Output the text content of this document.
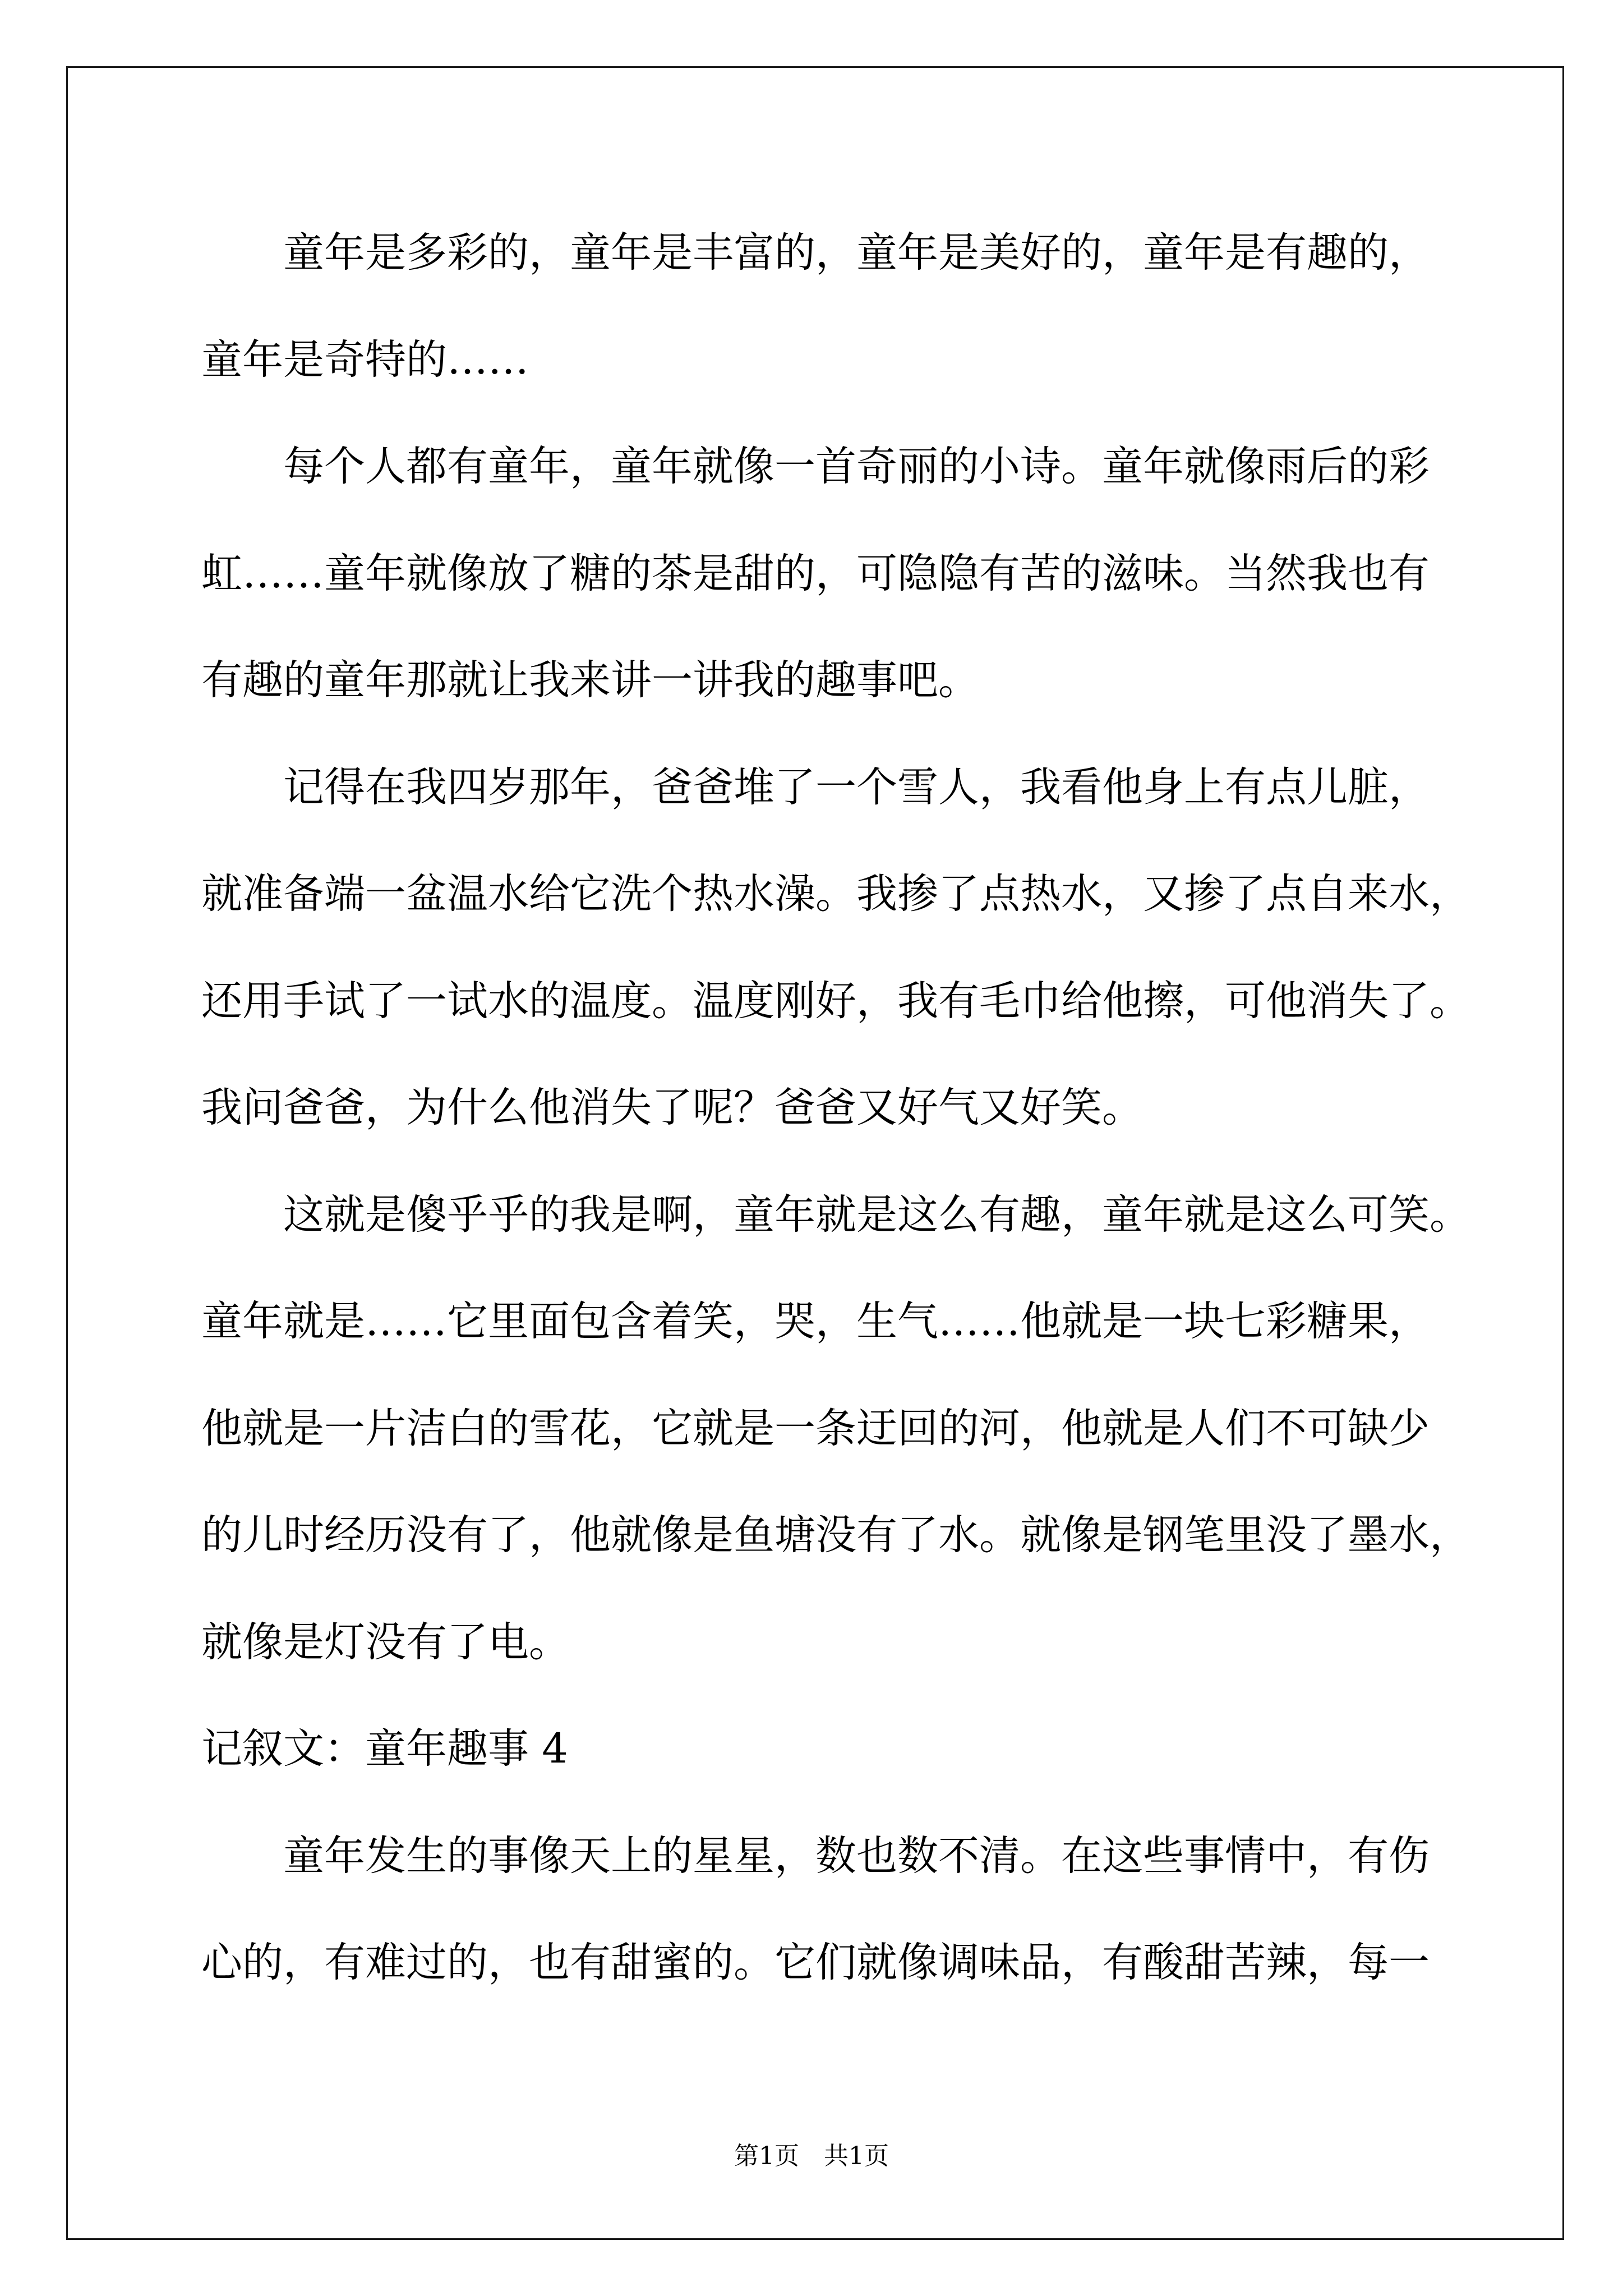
童年是多彩的，童年是丰富的，童年是美好的，童年是有趣的，
童年是奇特的……
每个人都有童年，童年就像一首奇丽的小诗。童年就像雨后的彩
虹……童年就像放了糖的茶是甜的，可隐隐有苦的滋味。当然我也有
有趣的童年那就让我来讲一讲我的趣事吧。
记得在我四岁那年，爸爸堆了一个雪人，我看他身上有点儿脏，
就准备端一盆温水给它洗个热水澡。我掺了点热水，又掺了点自来水，
还用手试了一试水的温度。温度刚好，我有毛巾给他擦，可他消失了。
我问爸爸，为什么他消失了呢？爸爸又好气又好笑。
这就是傻乎乎的我是啊，童年就是这么有趣，童年就是这么可笑。
童年就是……它里面包含着笑，哭，生气……他就是一块七彩糖果，
他就是一片洁白的雪花，它就是一条迂回的河，他就是人们不可缺少
的儿时经历没有了，他就像是鱼塘没有了水。就像是钢笔里没了墨水，
就像是灯没有了电。
记叙文：童年趣事 4
童年发生的事像天上的星星，数也数不清。在这些事情中，有伤
心的，有难过的，也有甜蜜的。它们就像调味品，有酸甜苦辣，每一
第1页　共1页
